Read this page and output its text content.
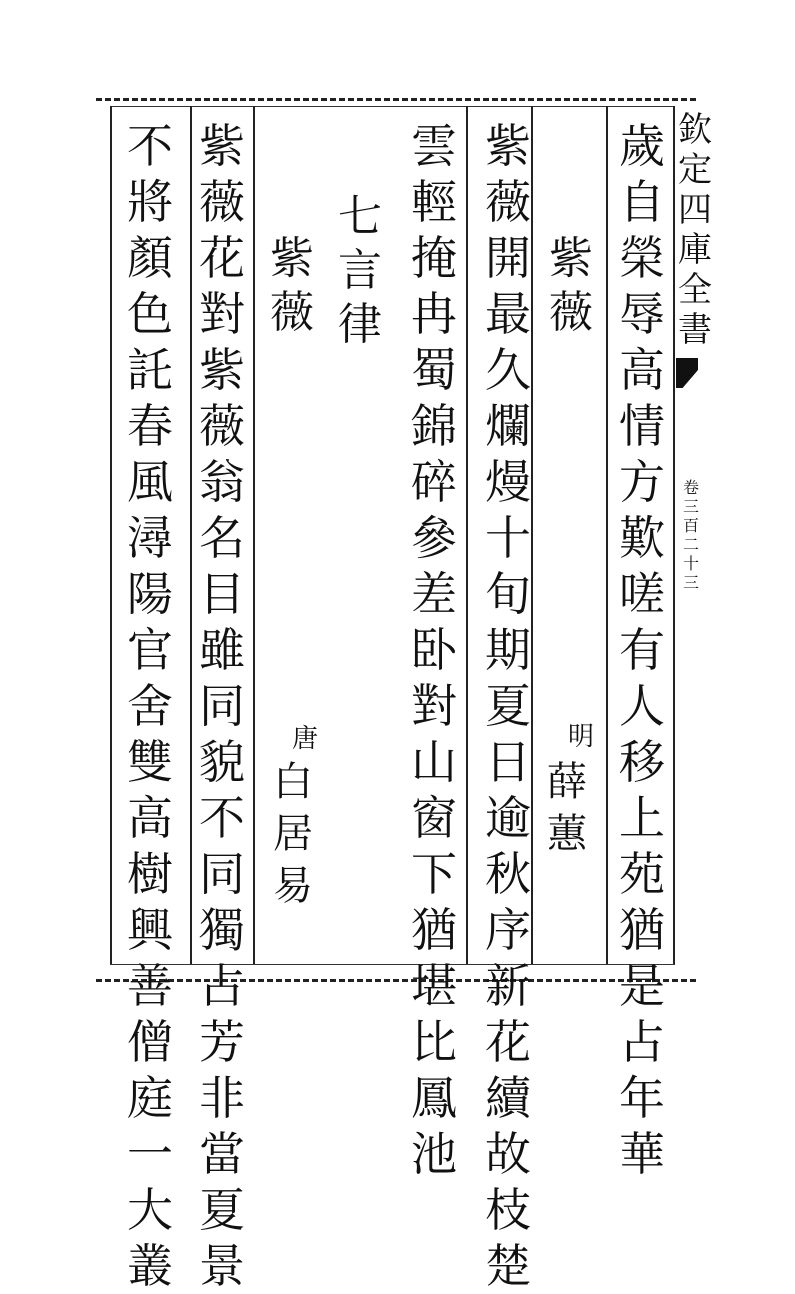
欽定四庫全書
卷三百二十三
歲自榮辱高情方歎嗟有人移上苑猶是占年華
紫薇
明
薛蕙
紫薇開最久爛熳十旬期夏日逾秋序新花續故枝楚
雲輕掩冉蜀錦碎參差卧對山窗下猶堪比鳳池
七言律
紫薇
唐
白居易
紫薇花對紫薇翁名目雖同貌不同獨占芳非當夏景
不將顏色託春風潯陽官舍雙高樹興善僧庭一大叢
